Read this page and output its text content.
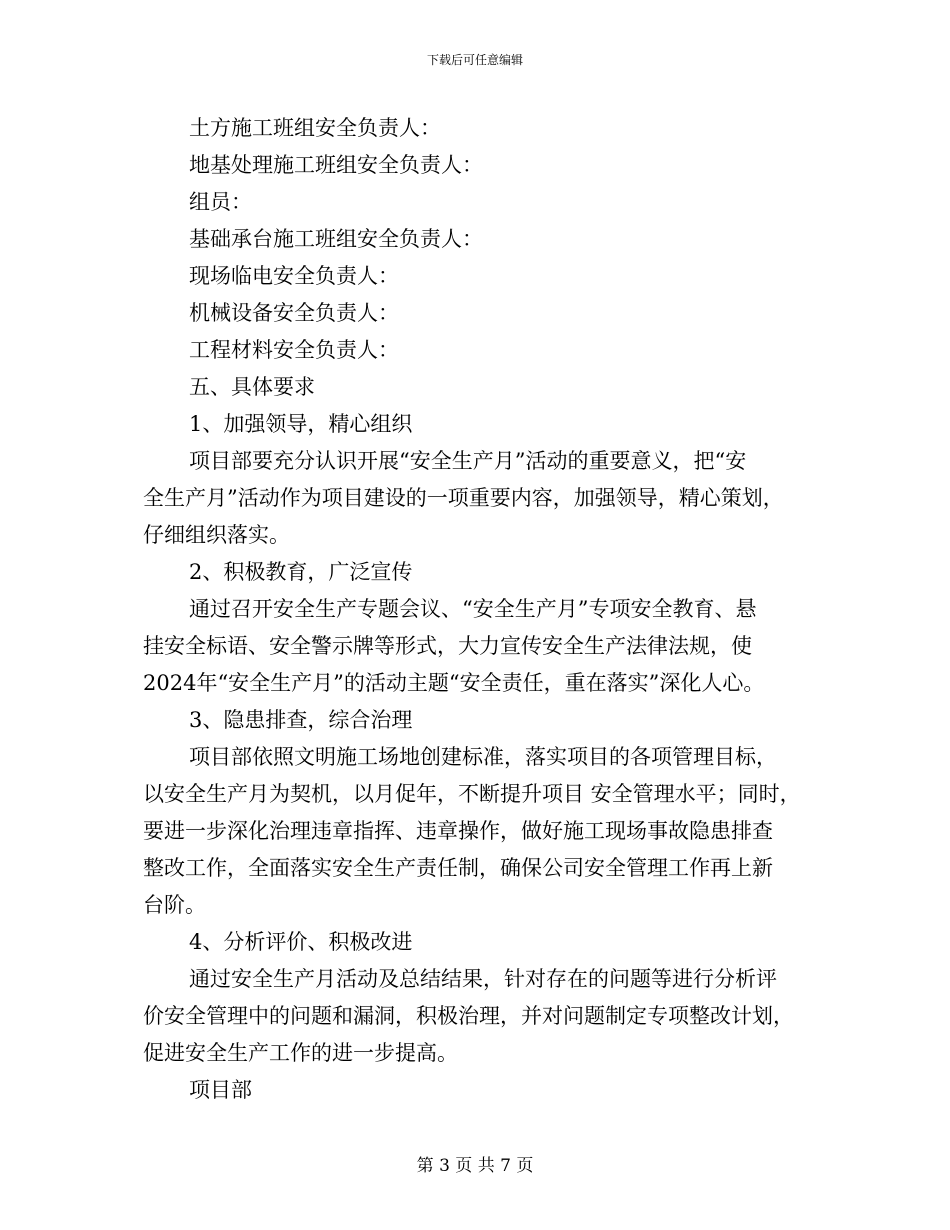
下载后可任意编辑
土方施工班组安全负责人：
地基处理施工班组安全负责人：
组员：
基础承台施工班组安全负责人：
现场临电安全负责人：
机械设备安全负责人：
工程材料安全负责人：
五、具体要求
1、加强领导，精心组织
项目部要充分认识开展“安全生产月”活动的重要意义，把“安
全生产月”活动作为项目建设的一项重要内容，加强领导，精心策划，
仔细组织落实。
2、积极教育，广泛宣传
通过召开安全生产专题会议、“安全生产月”专项安全教育、悬
挂安全标语、安全警示牌等形式，大力宣传安全生产法律法规，使
2024年“安全生产月”的活动主题“安全责任，重在落实”深化人心。
3、隐患排查，综合治理
项目部依照文明施工场地创建标准，落实项目的各项管理目标，
以安全生产月为契机，以月促年，不断提升项目 安全管理水平；同时，
要进一步深化治理违章指挥、违章操作，做好施工现场事故隐患排查
整改工作，全面落实安全生产责任制，确保公司安全管理工作再上新
台阶。
4、分析评价、积极改进
通过安全生产月活动及总结结果，针对存在的问题等进行分析评
价安全管理中的问题和漏洞，积极治理，并对问题制定专项整改计划，
促进安全生产工作的进一步提高。
项目部
第 3 页 共 7 页
